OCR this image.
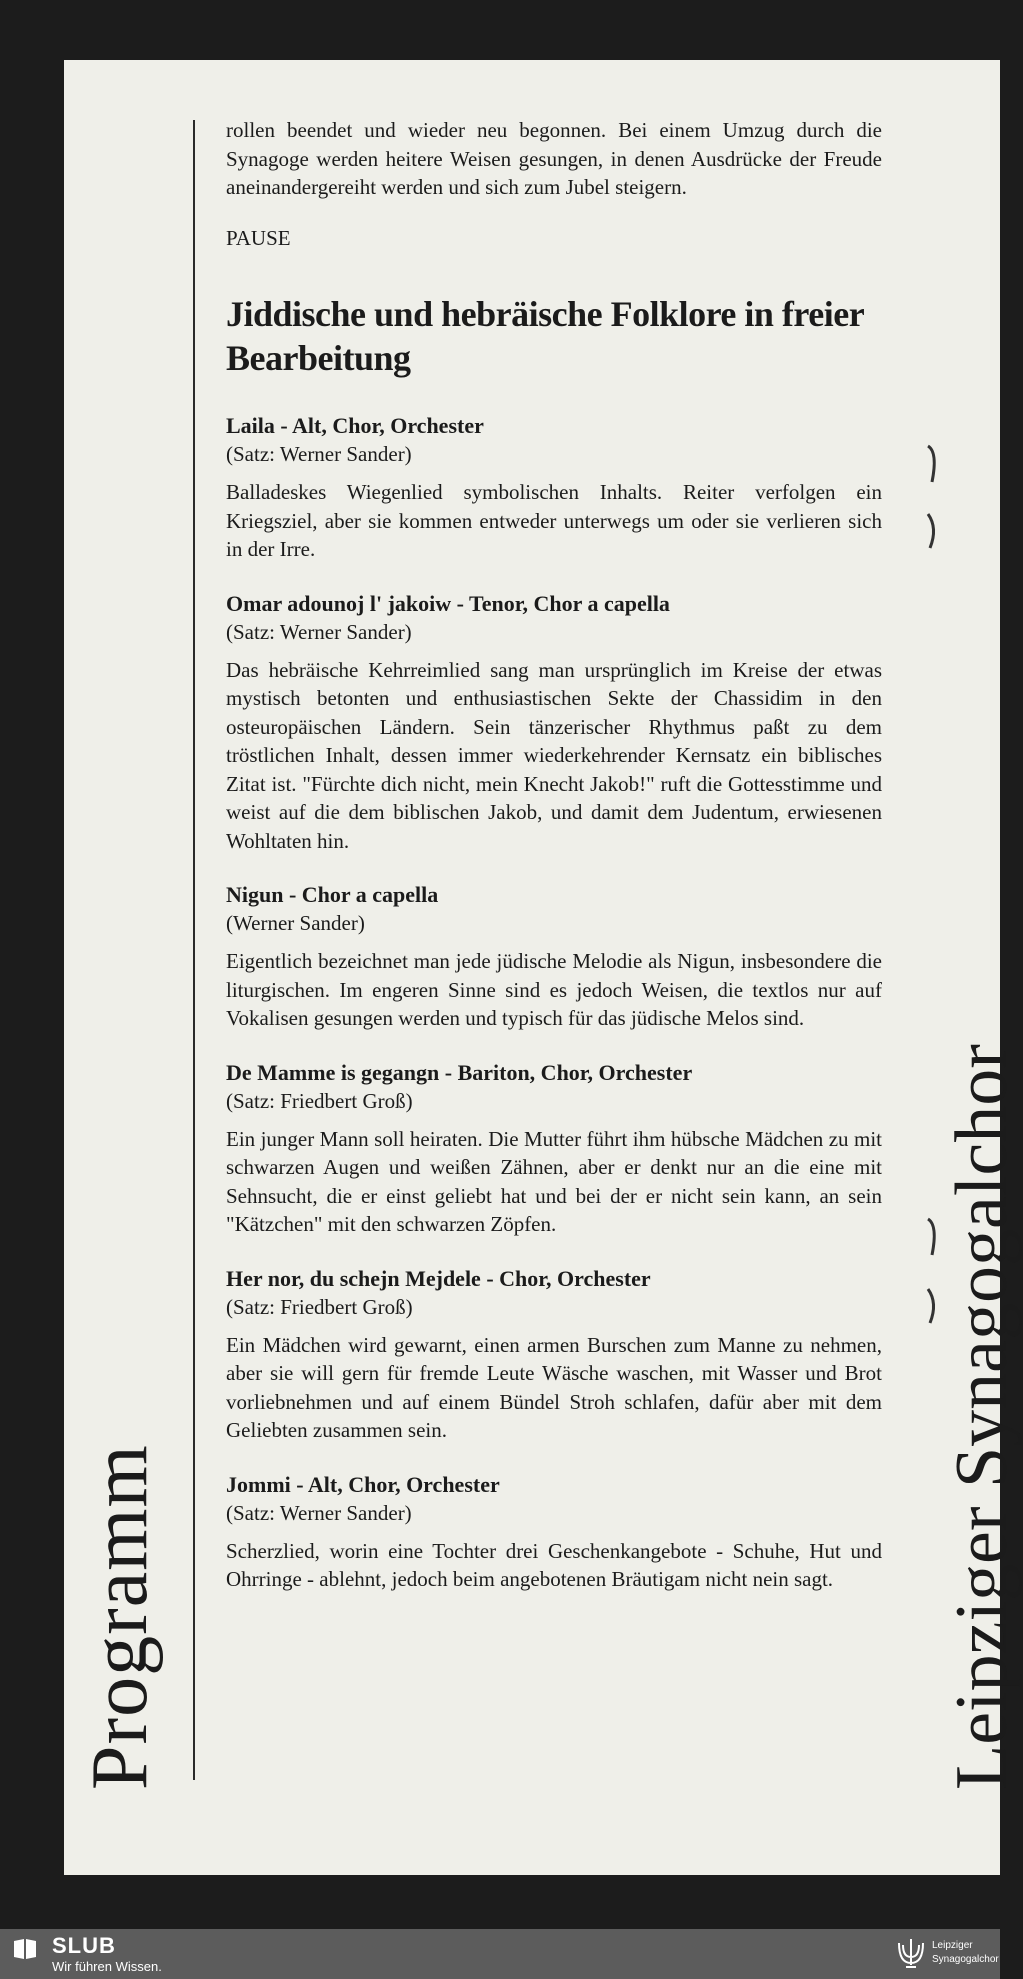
rollen beendet und wieder neu begonnen. Bei einem Umzug durch die Synagoge werden heitere Weisen gesungen, in denen Ausdrücke der Freude aneinandergereiht werden und sich zum Jubel steigern.

PAUSE

Jiddische und hebräische Folklore in freier Bearbeitung

Laila - Alt, Chor, Orchester

(Satz: Werner Sander)

Balladeskes Wiegenlied symbolischen Inhalts. Reiter verfolgen ein Kriegsziel, aber sie kommen entweder unterwegs um oder sie verlieren sich in der Irre.

Omar adounoj l' jakoiw - Tenor, Chor a capella

(Satz: Werner Sander)

Das hebräische Kehrreimlied sang man ursprünglich im Kreise der etwas mystisch betonten und enthusiastischen Sekte der Chassidim in den osteuropäischen Ländern. Sein tänzerischer Rhythmus paßt zu dem tröstlichen Inhalt, dessen immer wiederkehrender Kernsatz ein biblisches Zitat ist. "Fürchte dich nicht, mein Knecht Jakob!" ruft die Gottesstimme und weist auf die dem biblischen Jakob, und damit dem Judentum, erwiesenen Wohltaten hin.

Nigun - Chor a capella

(Werner Sander)

Eigentlich bezeichnet man jede jüdische Melodie als Nigun, insbesondere die liturgischen. Im engeren Sinne sind es jedoch Weisen, die textlos nur auf Vokalisen gesungen werden und typisch für das jüdische Melos sind.

De Mamme is gegangn - Bariton, Chor, Orchester

(Satz: Friedbert Groß)

Ein junger Mann soll heiraten. Die Mutter führt ihm hübsche Mädchen zu mit schwarzen Augen und weißen Zähnen, aber er denkt nur an die eine mit Sehnsucht, die er einst geliebt hat und bei der er nicht sein kann, an sein "Kätzchen" mit den schwarzen Zöpfen.

Her nor, du schejn Mejdele - Chor, Orchester

(Satz: Friedbert Groß)

Ein Mädchen wird gewarnt, einen armen Burschen zum Manne zu nehmen, aber sie will gern für fremde Leute Wäsche waschen, mit Wasser und Brot vorliebnehmen und auf einem Bündel Stroh schlafen, dafür aber mit dem Geliebten zusammen sein.

Jommi - Alt, Chor, Orchester

(Satz: Werner Sander)

Scherzlied, worin eine Tochter drei Geschenkangebote - Schuhe, Hut und Ohrringe - ablehnt, jedoch beim angebotenen Bräutigam nicht nein sagt.

Programm	Leipziger Synagogalchor
SLUB
Wir führen Wissen.
Leipziger
Synagogalchor
